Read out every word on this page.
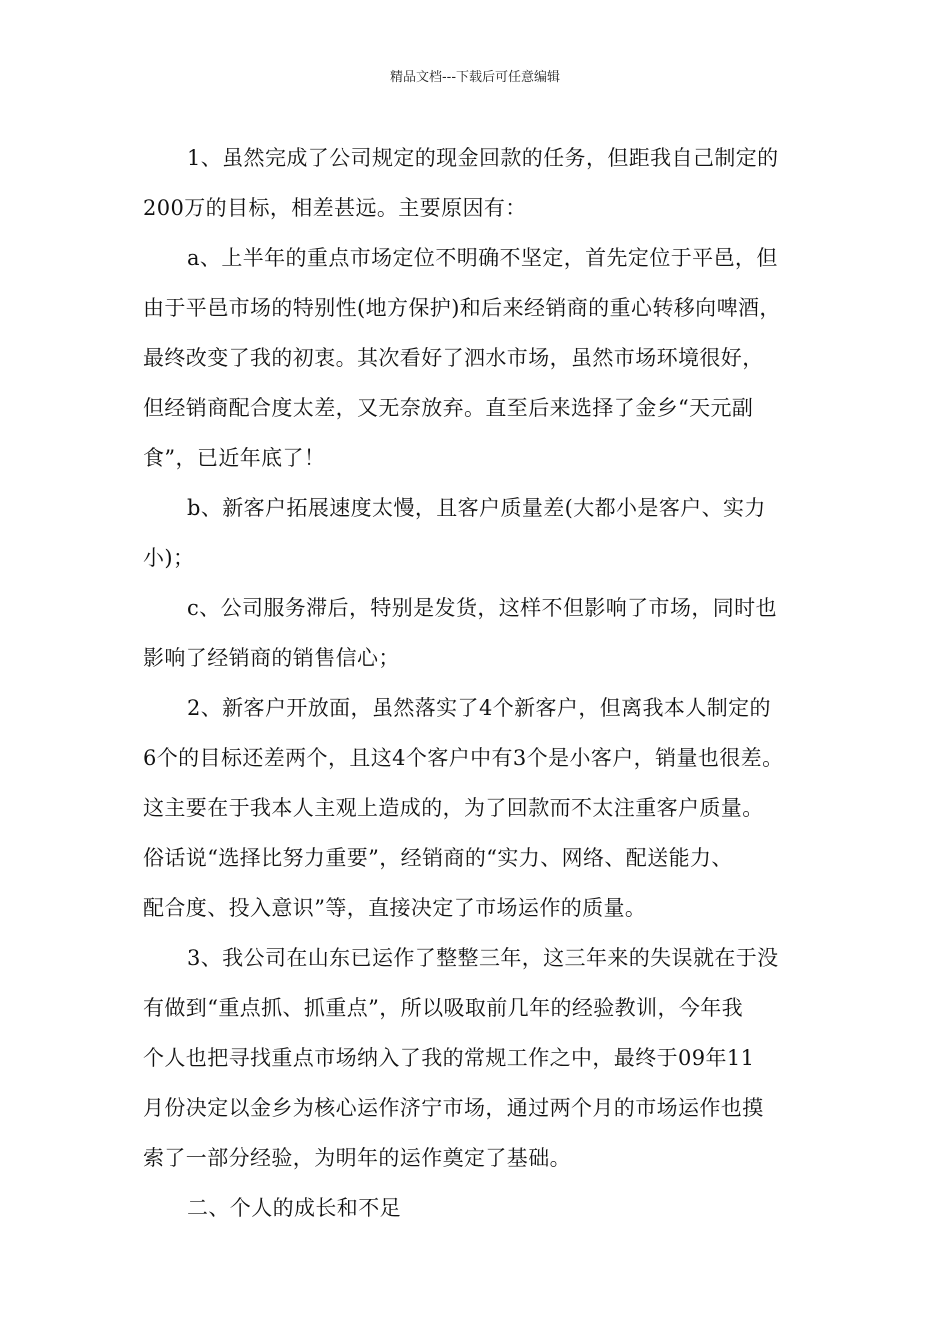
精品文档---下载后可任意编辑
1、虽然完成了公司规定的现金回款的任务，但距我自己制定的
200万的目标，相差甚远。主要原因有：
a、上半年的重点市场定位不明确不坚定，首先定位于平邑，但
由于平邑市场的特别性(地方保护)和后来经销商的重心转移向啤酒，
最终改变了我的初衷。其次看好了泗水市场，虽然市场环境很好，
但经销商配合度太差，又无奈放弃。直至后来选择了金乡“天元副
食”，已近年底了！
b、新客户拓展速度太慢，且客户质量差(大都小是客户、实力
小)；
c、公司服务滞后，特别是发货，这样不但影响了市场，同时也
影响了经销商的销售信心；
2、新客户开放面，虽然落实了4个新客户，但离我本人制定的
6个的目标还差两个，且这4个客户中有3个是小客户，销量也很差。
这主要在于我本人主观上造成的，为了回款而不太注重客户质量。
俗话说“选择比努力重要”，经销商的“实力、网络、配送能力、
配合度、投入意识”等，直接决定了市场运作的质量。
3、我公司在山东已运作了整整三年，这三年来的失误就在于没
有做到“重点抓、抓重点”，所以吸取前几年的经验教训，今年我
个人也把寻找重点市场纳入了我的常规工作之中，最终于09年11
月份决定以金乡为核心运作济宁市场，通过两个月的市场运作也摸
索了一部分经验，为明年的运作奠定了基础。
二、个人的成长和不足
